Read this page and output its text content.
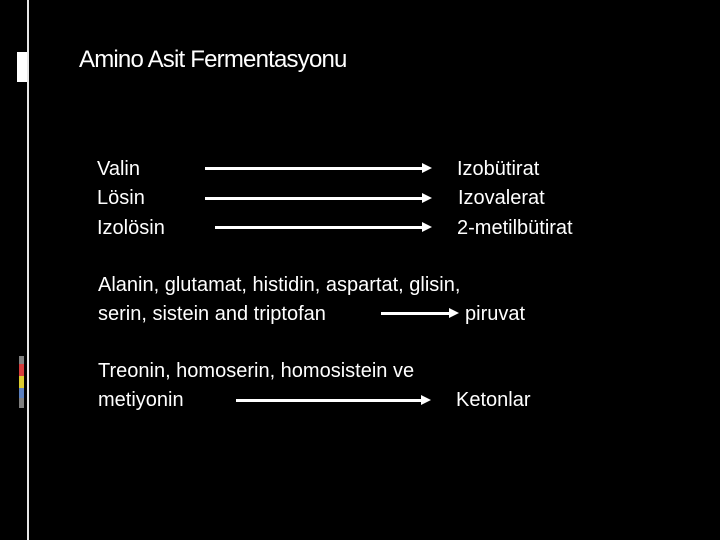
Amino Asit Fermentasyonu
Valin
Lösin
Izolösin
Izobütirat
Izovalerat
2-metilbütirat
Alanin, glutamat, histidin, aspartat, glisin,
serin, sistein and triptofan	piruvat
Treonin, homoserin, homosistein ve
metiyonin	Ketonlar
